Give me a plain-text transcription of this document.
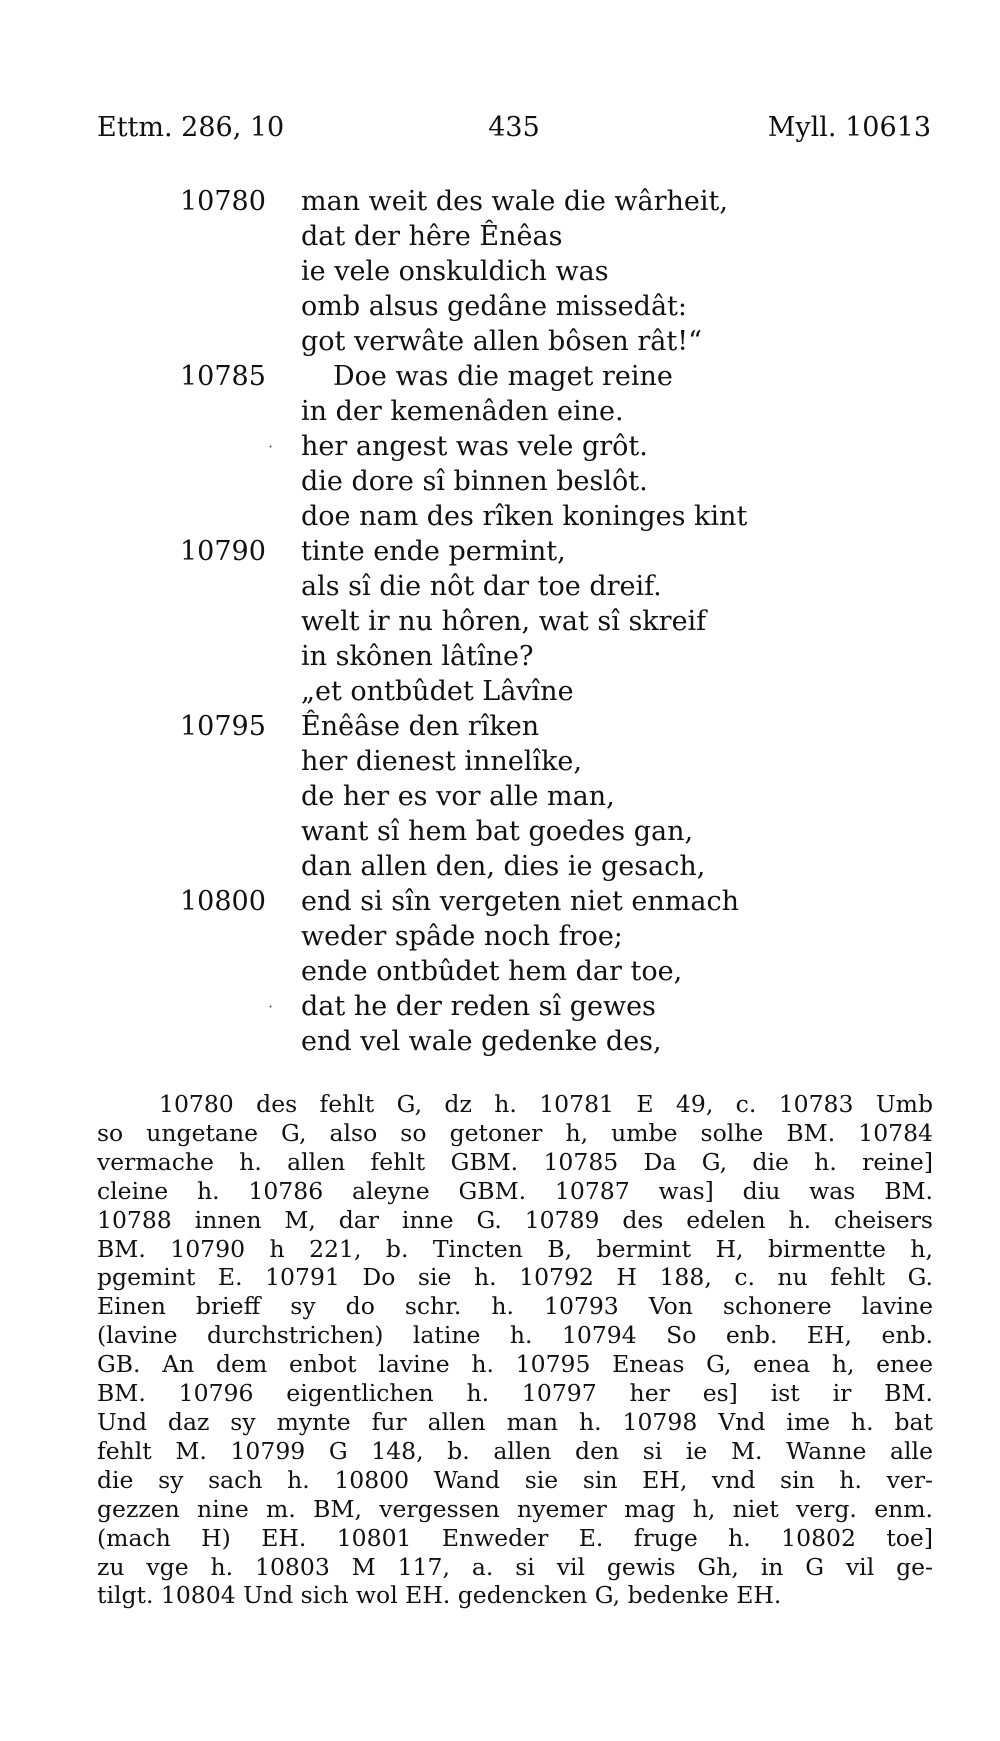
Ettm. 286, 10	435	Myll. 10613
10780 man weit des wale die wârheit,
dat der hêre Ênêas
ie vele onskuldich was
omb alsus gedâne missedât:
got verwâte allen bôsen rât!“
10785 Doe was die maget reine
in der kemenâden eine.
· her angest was vele grôt.
die dore sî binnen beslôt.
doe nam des rîken koninges kint
10790 tinte ende permint,
als sî die nôt dar toe dreif.
welt ir nu hôren, wat sî skreif
in skônen lâtîne?
„et ontbûdet Lâvîne
10795 Ênêâse den rîken
her dienest innelîke,
de her es vor alle man,
want sî hem bat goedes gan,
dan allen den, dies ie gesach,
10800 end si sîn vergeten niet enmach
weder spâde noch froe;
ende ontbûdet hem dar toe,
· dat he der reden sî gewes
end vel wale gedenke des,

10780 des fehlt G, dz h. 10781 E 49, c. 10783 Umb

so ungetane G, also so getoner h, umbe solhe BM. 10784

vermache h. allen fehlt GBM. 10785 Da G, die h. reine]

cleine h. 10786 aleyne GBM. 10787 was] diu was BM.

10788 innen M, dar inne G. 10789 des edelen h. cheisers

BM. 10790 h 221, b. Tincten B, bermint H, birmentte h,

pgemint E. 10791 Do sie h. 10792 H 188, c. nu fehlt G.

Einen brieff sy do schr. h. 10793 Von schonere lavine

(lavine durchstrichen) latine h. 10794 So enb. EH, enb.

GB. An dem enbot lavine h. 10795 Eneas G, enea h, enee

BM. 10796 eigentlichen h. 10797 her es] ist ir BM.

Und daz sy mynte fur allen man h. 10798 Vnd ime h. bat

fehlt M. 10799 G 148, b. allen den si ie M. Wanne alle

die sy sach h. 10800 Wand sie sin EH, vnd sin h. ver-

gezzen nine m. BM, vergessen nyemer mag h, niet verg. enm.

(mach H) EH. 10801 Enweder E. fruge h. 10802 toe]

zu vge h. 10803 M 117, a. si vil gewis Gh, in G vil ge-

tilgt. 10804 Und sich wol EH. gedencken G, bedenke EH.
